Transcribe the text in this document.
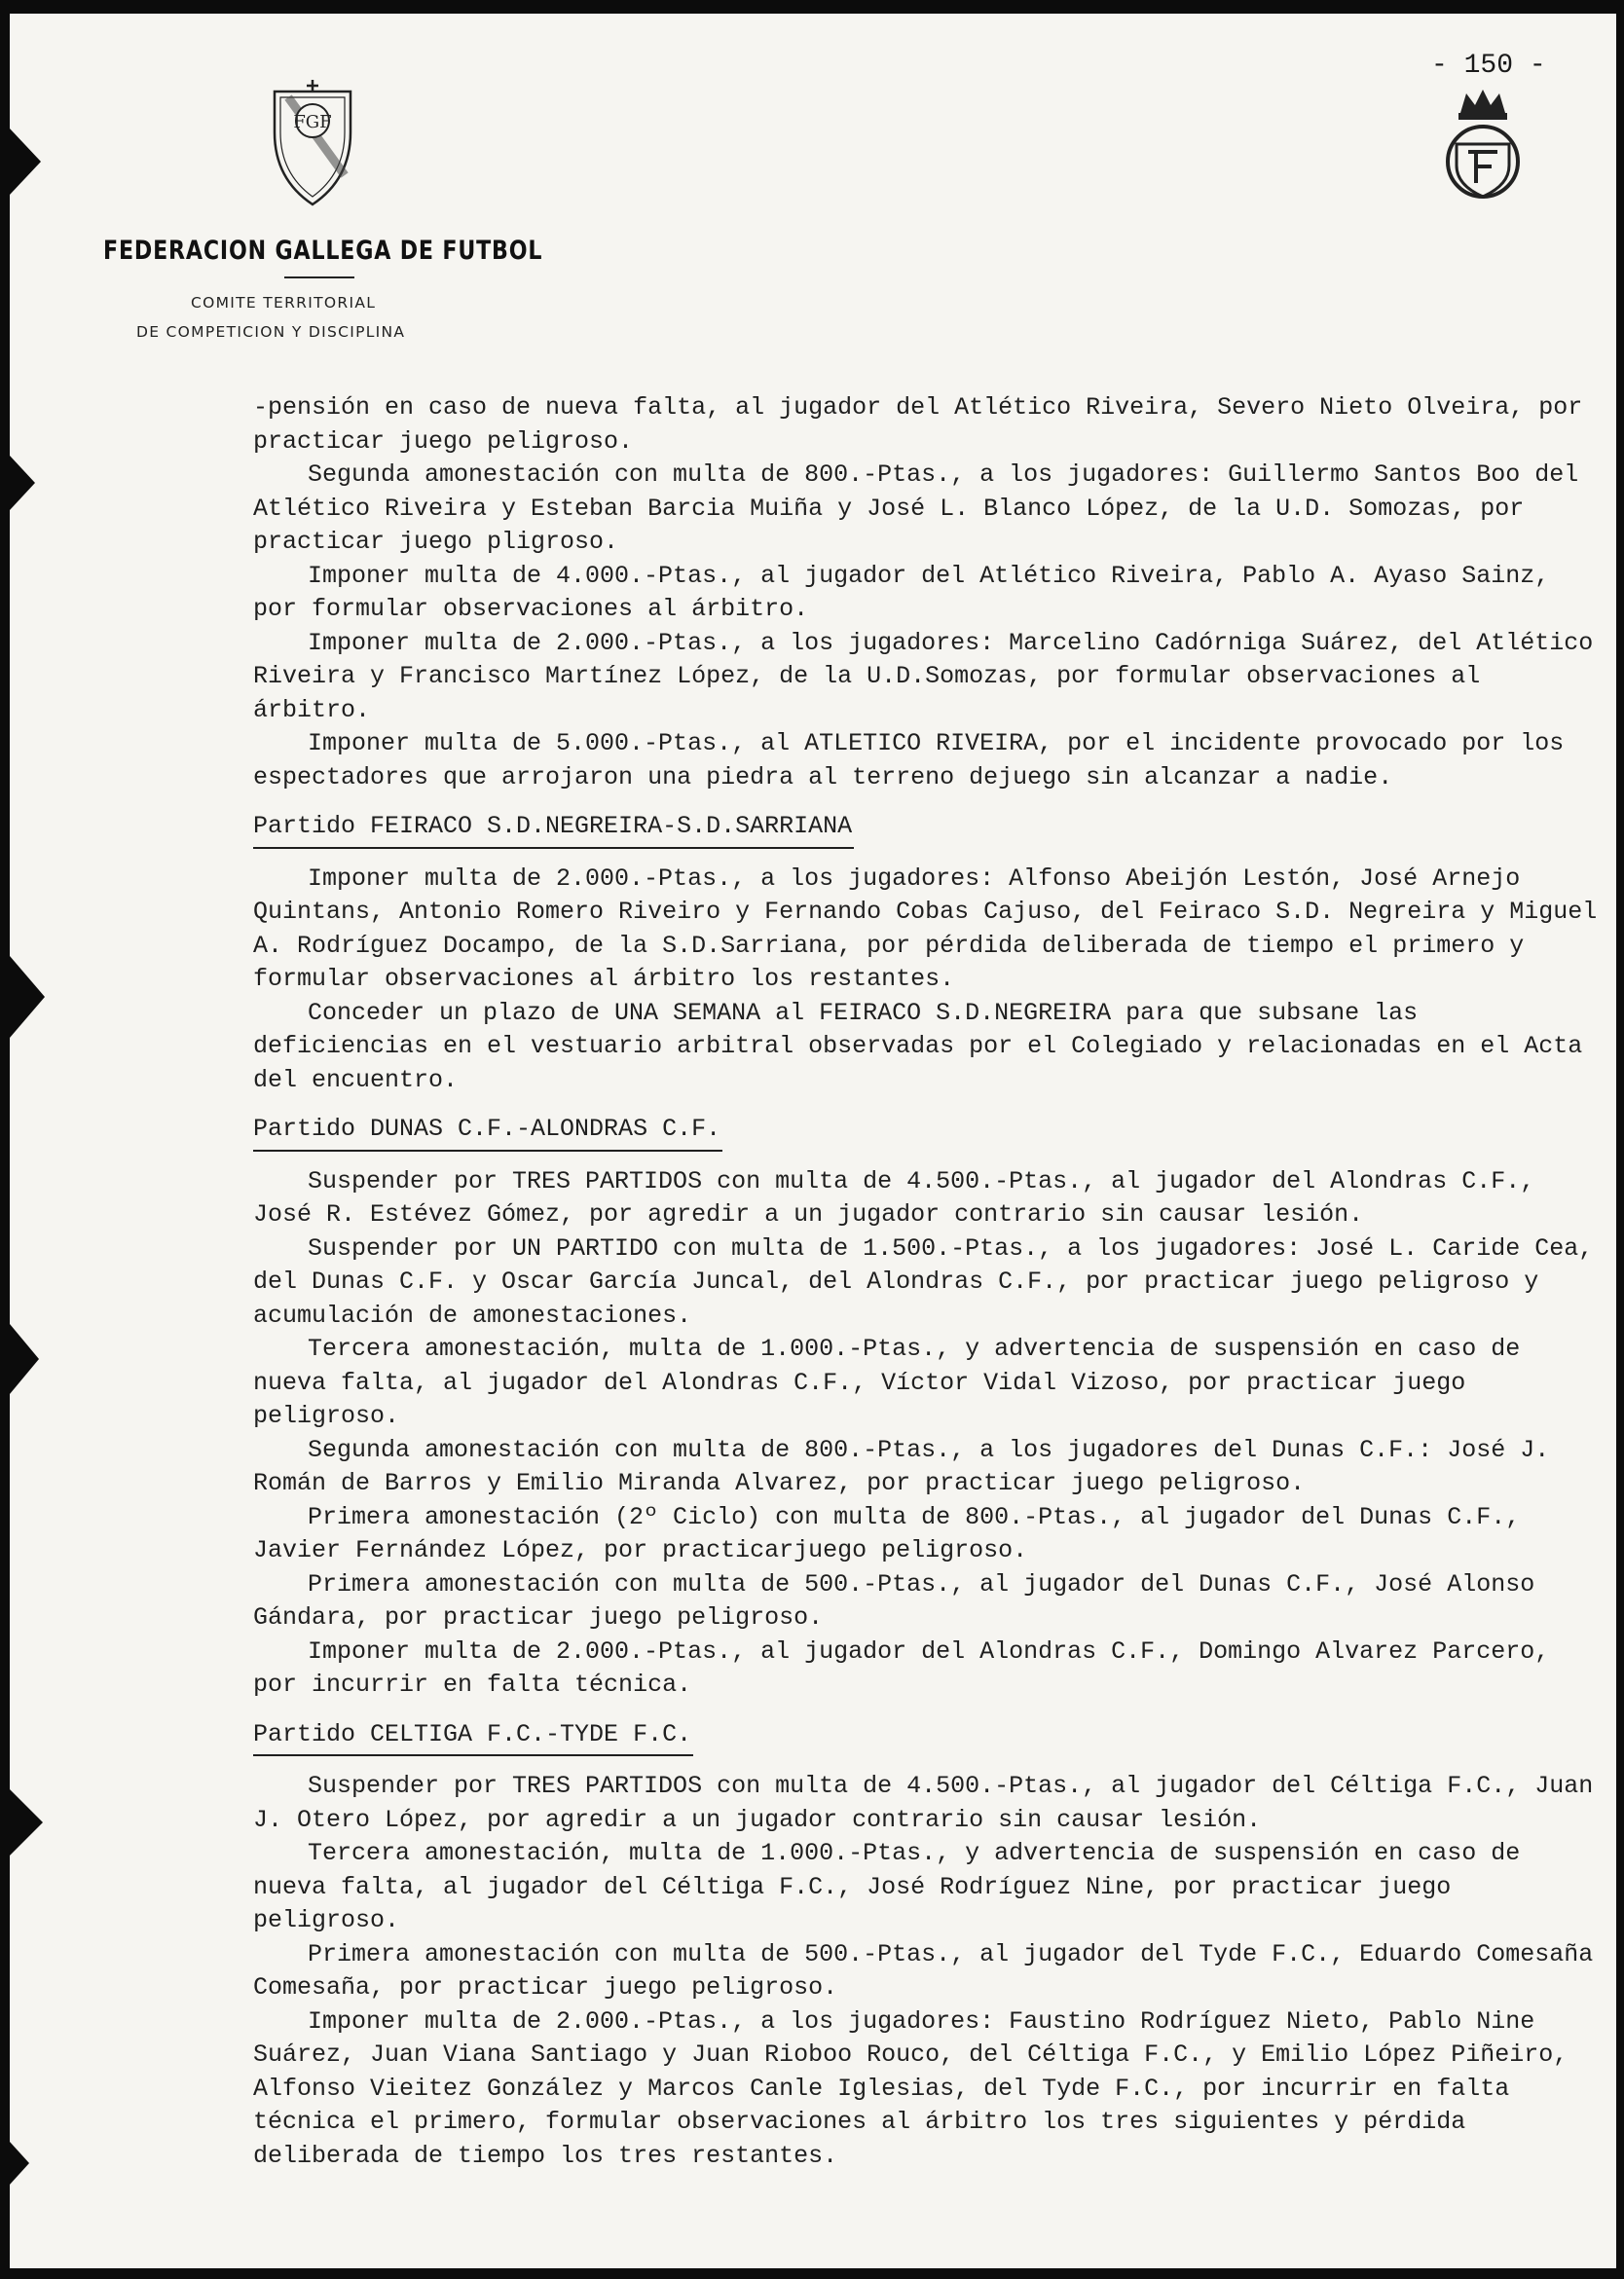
- 150 -
FGF
FEDERACION GALLEGA DE FUTBOL
COMITE TERRITORIAL
DE COMPETICION Y DISCIPLINA

-pensión en caso de nueva falta, al jugador del Atlético Riveira, Severo Nieto Olveira, por practicar juego peligroso.

Segunda amonestación con multa de 800.-Ptas., a los jugadores: Guillermo Santos Boo del Atlético Riveira y Esteban Barcia Muiña y José L. Blanco López, de la U.D. Somozas, por practicar juego pligroso.

Imponer multa de 4.000.-Ptas., al jugador del Atlético Riveira, Pablo A. Ayaso Sainz, por formular observaciones al árbitro.

Imponer multa de 2.000.-Ptas., a los jugadores: Marcelino Cadórniga Suárez, del Atlético Riveira y Francisco Martínez López, de la U.D.Somozas, por formular observaciones al árbitro.

Imponer multa de 5.000.-Ptas., al ATLETICO RIVEIRA, por el incidente provocado por los espectadores que arrojaron una piedra al terreno dejuego sin alcanzar a nadie.

Partido FEIRACO S.D.NEGREIRA-S.D.SARRIANA

Imponer multa de 2.000.-Ptas., a los jugadores: Alfonso Abeijón Lestón, José Arnejo Quintans, Antonio Romero Riveiro y Fernando Cobas Cajuso, del Feiraco S.D. Negreira y Miguel A. Rodríguez Docampo, de la S.D.Sarriana, por pérdida deliberada de tiempo el primero y formular observaciones al árbitro los restantes.

Conceder un plazo de UNA SEMANA al FEIRACO S.D.NEGREIRA para que subsane las deficiencias en el vestuario arbitral observadas por el Colegiado y relacionadas en el Acta del encuentro.

Partido DUNAS C.F.-ALONDRAS C.F.

Suspender por TRES PARTIDOS con multa de 4.500.-Ptas., al jugador del Alondras C.F., José R. Estévez Gómez, por agredir a un jugador contrario sin causar lesión.

Suspender por UN PARTIDO con multa de 1.500.-Ptas., a los jugadores: José L. Caride Cea, del Dunas C.F. y Oscar García Juncal, del Alondras C.F., por practicar juego peligroso y acumulación de amonestaciones.

Tercera amonestación, multa de 1.000.-Ptas., y advertencia de suspensión en caso de nueva falta, al jugador del Alondras C.F., Víctor Vidal Vizoso, por practicar juego peligroso.

Segunda amonestación con multa de 800.-Ptas., a los jugadores del Dunas C.F.: José J. Román de Barros y Emilio Miranda Alvarez, por practicar juego peligroso.

Primera amonestación (2º Ciclo) con multa de 800.-Ptas., al jugador del Dunas C.F., Javier Fernández López, por practicarjuego peligroso.

Primera amonestación con multa de 500.-Ptas., al jugador del Dunas C.F., José Alonso Gándara, por practicar juego peligroso.

Imponer multa de 2.000.-Ptas., al jugador del Alondras C.F., Domingo Alvarez Parcero, por incurrir en falta técnica.

Partido CELTIGA F.C.-TYDE F.C.

Suspender por TRES PARTIDOS con multa de 4.500.-Ptas., al jugador del Céltiga F.C., Juan J. Otero López, por agredir a un jugador contrario sin causar lesión.

Tercera amonestación, multa de 1.000.-Ptas., y advertencia de suspensión en caso de nueva falta, al jugador del Céltiga F.C., José Rodríguez Nine, por practicar juego peligroso.

Primera amonestación con multa de 500.-Ptas., al jugador del Tyde F.C., Eduardo Comesaña Comesaña, por practicar juego peligroso.

Imponer multa de 2.000.-Ptas., a los jugadores: Faustino Rodríguez Nieto, Pablo Nine Suárez, Juan Viana Santiago y Juan Rioboo Rouco, del Céltiga F.C., y Emilio López Piñeiro, Alfonso Vieitez González y Marcos Canle Iglesias, del Tyde F.C., por incurrir en falta técnica el primero, formular observaciones al árbitro los tres siguientes y pérdida deliberada de tiempo los tres restantes.
